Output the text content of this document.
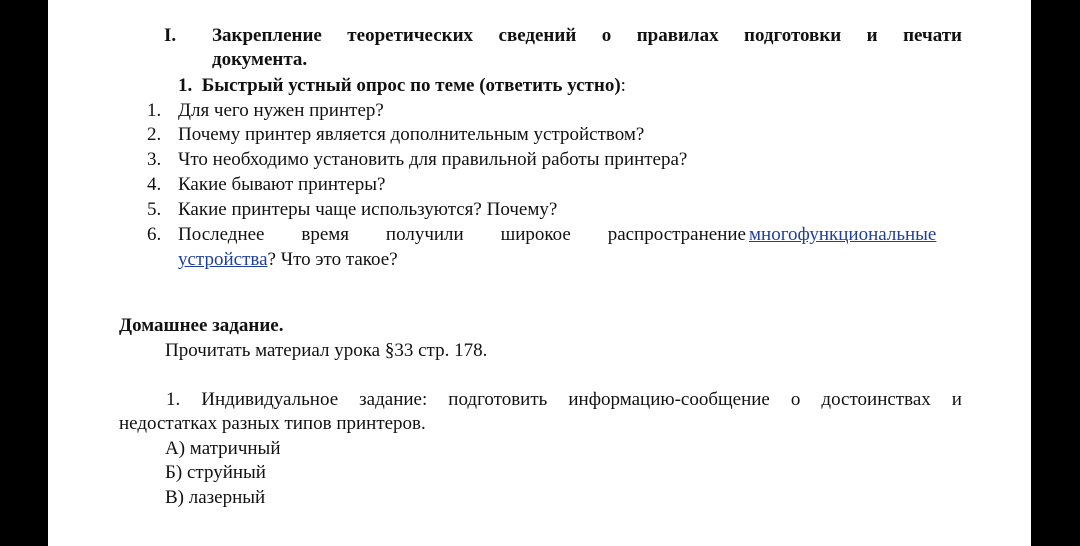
I. Закрепление теоретических сведений о правилах подготовки и печати
документа.
1. Быстрый устный опрос по теме (ответить устно):
1. Для чего нужен принтер?
2. Почему принтер является дополнительным устройством?
3. Что необходимо установить для правильной работы принтера?
4. Какие бывают принтеры?
5. Какие принтеры чаще используются? Почему?
6. Последнее время получили широкое распространение многофункциональные
устройства? Что это такое?
Домашнее задание.
Прочитать материал урока §33 стр. 178.
1. Индивидуальное задание: подготовить информацию-сообщение о достоинствах и
недостатках разных типов принтеров.
А) матричный
Б) струйный
В) лазерный
